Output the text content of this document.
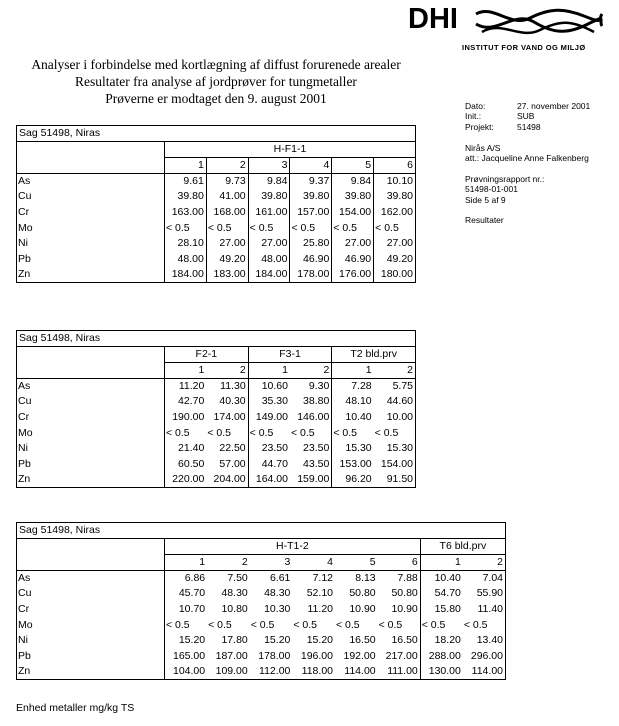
DHI
INSTITUT FOR VAND OG MILJØ
Analyser i forbindelse med kortlægning af diffust forurenede arealer
Resultater fra analyse af jordprøver for tungmetaller
Prøverne er modtaget den 9. august 2001	Dato:	27. november 2001
Init.:	SUB
Projekt:	51498
Nirås A/S
att.: Jacqueline Anne Falkenberg
Prøvningsrapport nr.:
51498-01-001
Side 5 af 9
Resultater
Sag 51498, Niras						
	H-F1-1					
	1	2	3	4	5	6
As	9.61	9.73	9.84	9.37	9.84	10.10
Cu	39.80	41.00	39.80	39.80	39.80	39.80
Cr	163.00	168.00	161.00	157.00	154.00	162.00
Mo	< 0.5	< 0.5	< 0.5	< 0.5	< 0.5	< 0.5
Ni	28.10	27.00	27.00	25.80	27.00	27.00
Pb	48.00	49.20	48.00	46.90	46.90	49.20
Zn	184.00	183.00	184.00	178.00	176.00	180.00
Sag 51498, Niras						
	F2-1		F3-1		T2 bld.prv	
	1	2	1	2	1	2
As	11.20	11.30	10.60	9.30	7.28	5.75
Cu	42.70	40.30	35.30	38.80	48.10	44.60
Cr	190.00	174.00	149.00	146.00	10.40	10.00
Mo	< 0.5	< 0.5	< 0.5	< 0.5	< 0.5	< 0.5
Ni	21.40	22.50	23.50	23.50	15.30	15.30
Pb	60.50	57.00	44.70	43.50	153.00	154.00
Zn	220.00	204.00	164.00	159.00	96.20	91.50
Sag 51498, Niras								
	H-T1-2						T6 bld.prv	
	1	2	3	4	5	6	1	2
As	6.86	7.50	6.61	7.12	8.13	7.88	10.40	7.04
Cu	45.70	48.30	48.30	52.10	50.80	50.80	54.70	55.90
Cr	10.70	10.80	10.30	11.20	10.90	10.90	15.80	11.40
Mo	< 0.5	< 0.5	< 0.5	< 0.5	< 0.5	< 0.5	< 0.5	< 0.5
Ni	15.20	17.80	15.20	15.20	16.50	16.50	18.20	13.40
Pb	165.00	187.00	178.00	196.00	192.00	217.00	288.00	296.00
Zn	104.00	109.00	112.00	118.00	114.00	111.00	130.00	114.00
Enhed metaller mg/kg TS
